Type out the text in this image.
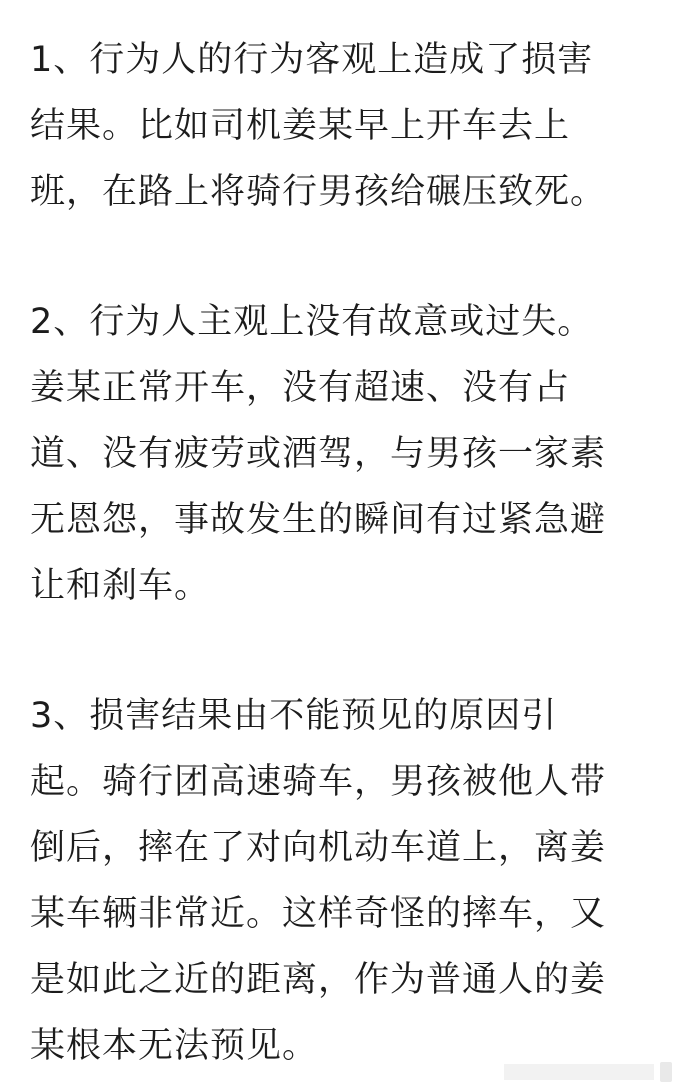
1、行为人的行为客观上造成了损害
结果。比如司机姜某早上开车去上
班，在路上将骑行男孩给碾压致死。

2、行为人主观上没有故意或过失。
姜某正常开车，没有超速、没有占
道、没有疲劳或酒驾，与男孩一家素
无恩怨，事故发生的瞬间有过紧急避
让和刹车。

3、损害结果由不能预见的原因引
起。骑行团高速骑车，男孩被他人带
倒后，摔在了对向机动车道上，离姜
某车辆非常近。这样奇怪的摔车，又
是如此之近的距离，作为普通人的姜
某根本无法预见。
